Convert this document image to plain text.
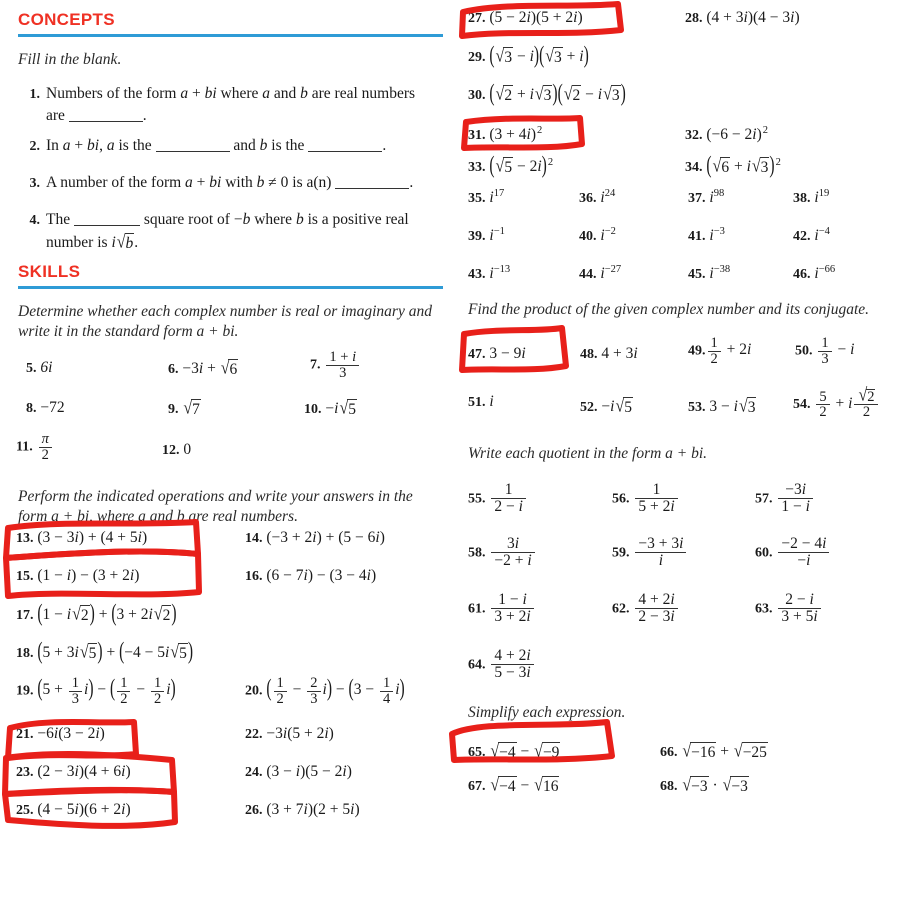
CONCEPTS
Fill in the blank.
1. Numbers of the form a + bi where a and b are real numbers
are	.
2. In a + bi, a is the	and b is the	.
3. A number of the form a + bi with b ≠ 0 is a(n)	.
4. The	square root of −b where b is a positive real
number is i√b.
SKILLS
Determine whether each complex number is real or imaginary and write it in the standard form a + bi.
5. 6i	6. −3i + √6	7. $\frac{1 + i}{3}$
8. −72	9. √7	10. −i√5
11. $\frac{\pi}{2}$	12. 0
Perform the indicated operations and write your answers in the form a + bi, where a and b are real numbers.
13. (3 − 3i) + (4 + 5i)	14. (−3 + 2i) + (5 − 6i)
15. (1 − i) − (3 + 2i)	16. (6 − 7i) − (3 − 4i)
17. (1 − i√2) + (3 + 2i√2)
18. (5 + 3i√5) + (−4 − 5i√5)
19. $(5 + \frac{1}{3} i)$ − ( $\frac{1}{2} - \frac{1}{2} i$)	20. ( $\frac{1}{2} - \frac{2}{3} i) - (3 - \frac{1}{4} i)$
21. −6i(3 − 2i)	22. −3i(5 + 2i)
23. (2 − 3i)(4 + 6i)	24. (3 − i)(5 − 2i)
25. (4 − 5i)(6 + 2i)	26. (3 + 7i)(2 + 5i)
27. (5 − 2i)(5 + 2i)	28. (4 + 3i)(4 − 3i)
29. (√3 − i)(√3 + i)
30. (√2 + i√3)(√2 − i√3)
31. $(3 + 4i)^2$	32. $(-6 - 2i)^2$
33. $(√5 - 2i)^2$	34. $(√6 + i√3)^2$
35. $i^{17}$	36. $i^{24}$	37. $i^{98}$	38. $i^{19}$
39. $i^{-1}$	40. $i^{-2}$	41. $i^{-3}$	42. $i^{-4}$
43. $i^{-13}$	44. $i^{-27}$	45. $i^{-38}$	46. $i^{-66}$
Find the product of the given complex number and its conjugate.
47. 3 − 9i	48. 4 + 3i	49. $\frac{1}{2} + 2i$	50. $\frac{1}{3} - i$
51. i	52. −i√5	53. 3 − i√3	54. $\frac{5}{2} + i \frac{√2}{2}$
Write each quotient in the form a + bi.
55. $\frac{1}{2 - i}$	56. $\frac{1}{5 + 2i}$	57. $\frac{-3i}{1 - i}$
58. $\frac{3i}{-2 + i}$	59. $\frac{-3 + 3i}{i}$	60. $\frac{-2 - 4i}{-i}$
61. $\frac{1 - i}{3 + 2i}$	62. $\frac{4 + 2i}{2 - 3i}$	63. $\frac{2 - i}{3 + 5i}$
64. $\frac{4 + 2i}{5 - 3i}$
Simplify each expression.
65. √−4 − √−9	66. √−16 + √−25
67. √−4 − √16	68. √−3 · √−3
